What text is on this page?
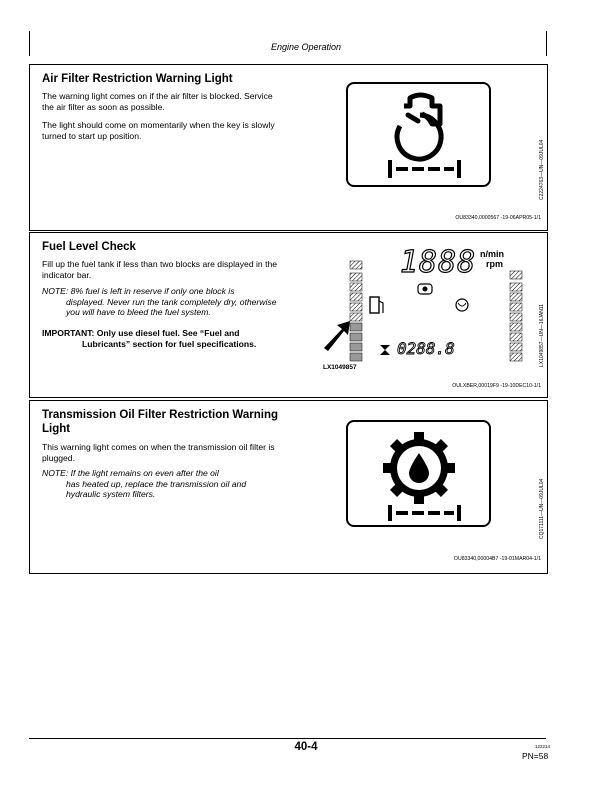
Engine Operation
Air Filter Restriction Warning Light
The warning light comes on if the air filter is blocked. Service the air filter as soon as possible.
The light should come on momentarily when the key is slowly turned to start up position.
C2224763—UN—09JUL04
OU83340,0000567 -19-06APR05-1/1
Fuel Level Check
Fill up the fuel tank if less than two blocks are displayed in the indicator bar.
NOTE: 8% fuel is left in reserve if only one block is
displayed. Never run the tank completely dry, otherwise you will have to bleed the fuel system.
IMPORTANT: Only use diesel fuel. See “Fuel and
Lubricants” section for fuel specifications.
1888 n/min
rpm
0288.8
LX1049857
LX1049857—UN—16JAN11
OULXBER,00019F9 -19-10DEC10-1/1
Transmission Oil Filter Restriction Warning
Light
This warning light comes on when the transmission oil filter is plugged.
NOTE: If the light remains on even after the oil
has heated up, replace the transmission oil and hydraulic system filters.	CQ171111—UN—09JUL04
OU83340,00004B7 -19-01MAR04-1/1
40-4	122214
PN=58
